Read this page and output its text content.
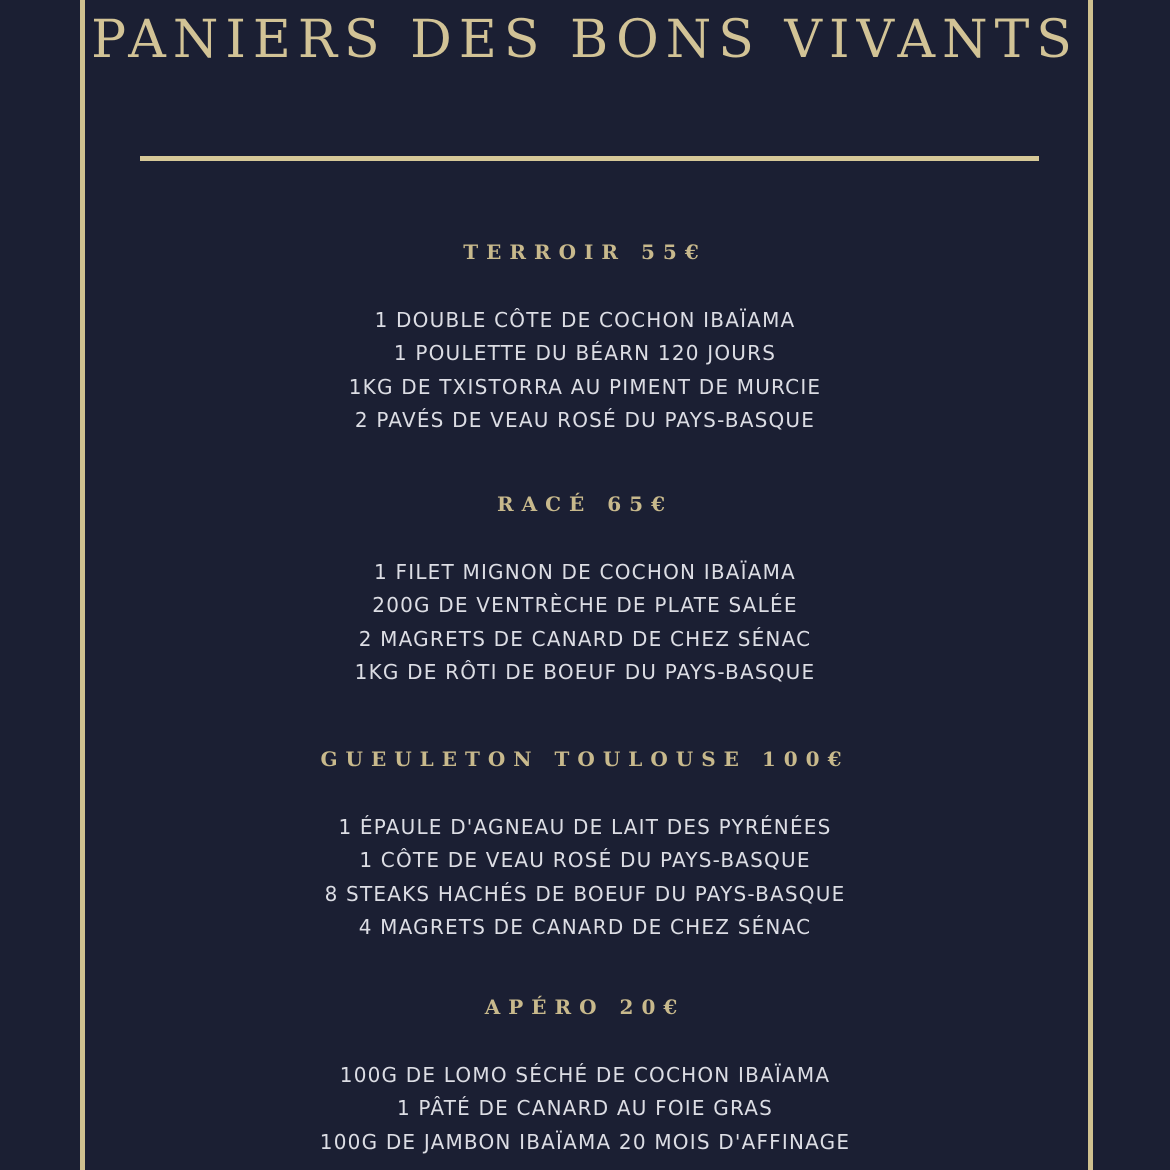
PANIERS DES BONS VIVANTS
TERROIR 55€
1 DOUBLE CÔTE DE COCHON IBAÏAMA
1 POULETTE DU BÉARN 120 JOURS
1KG DE TXISTORRA AU PIMENT DE MURCIE
2 PAVÉS DE VEAU ROSÉ DU PAYS-BASQUE
RACÉ 65€
1 FILET MIGNON DE COCHON IBAÏAMA
200G DE VENTRÈCHE DE PLATE SALÉE
2 MAGRETS DE CANARD DE CHEZ SÉNAC
1KG DE RÔTI DE BOEUF DU PAYS-BASQUE
GUEULETON TOULOUSE 100€
1 ÉPAULE D'AGNEAU DE LAIT DES PYRÉNÉES
1 CÔTE DE VEAU ROSÉ DU PAYS-BASQUE
8 STEAKS HACHÉS DE BOEUF DU PAYS-BASQUE
4 MAGRETS DE CANARD DE CHEZ SÉNAC
APÉRO 20€
100G DE LOMO SÉCHÉ DE COCHON IBAÏAMA
1 PÂTÉ DE CANARD AU FOIE GRAS
100G DE JAMBON IBAÏAMA 20 MOIS D'AFFINAGE
